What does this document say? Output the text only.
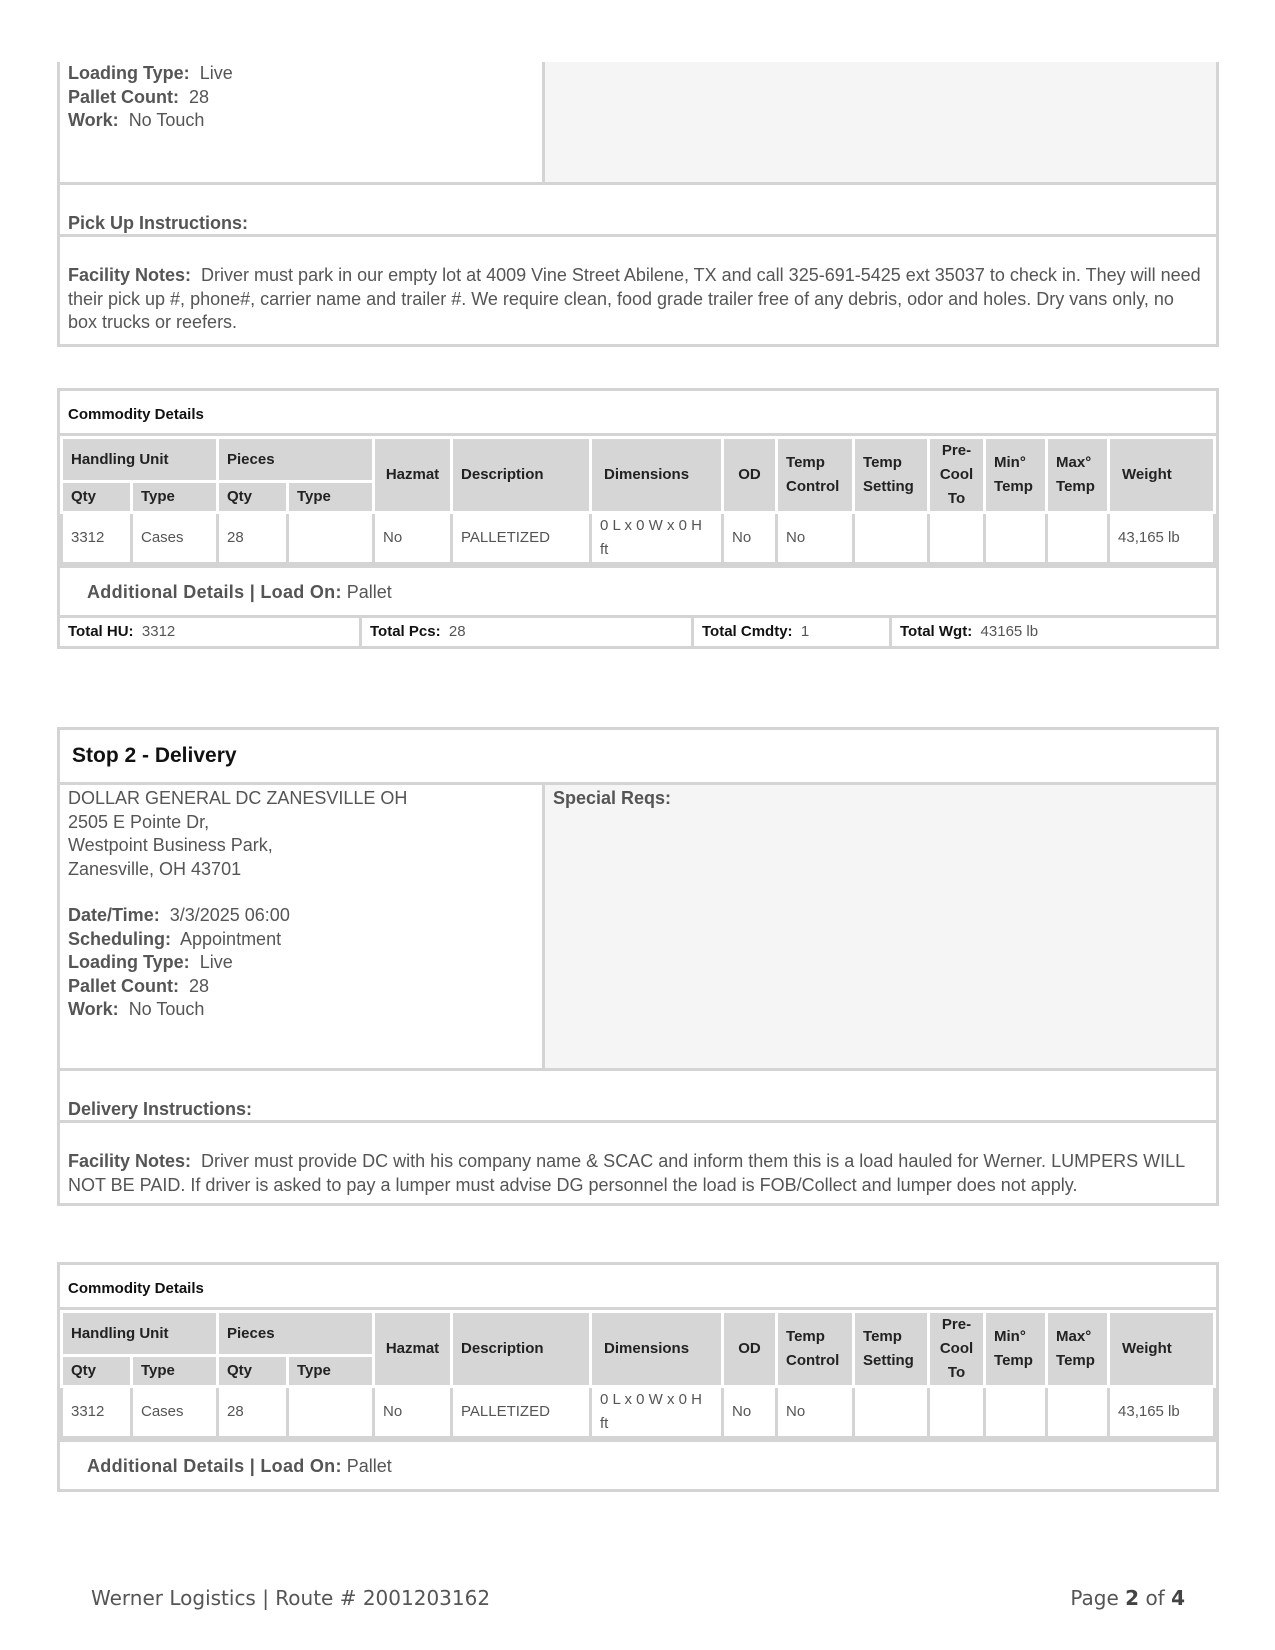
Loading Type: Live
Pallet Count: 28
Work: No Touch
Pick Up Instructions:
Facility Notes: Driver must park in our empty lot at 4009 Vine Street Abilene, TX and call 325-691-5425 ext 35037 to check in. They will need their pick up #, phone#, carrier name and trailer #. We require clean, food grade trailer free of any debris, odor and holes. Dry vans only, no box trucks or reefers.
Commodity Details
Handling Unit		Pieces		Hazmat	Description	Dimensions	OD	Temp Control	Temp Setting	Pre-Cool To	Min° Temp	Max° Temp	Weight
Qty	Type	Qty	Type										
3312	Cases	28		No	PALLETIZED	0 L x 0 W x 0 H ft	No	No					43,165 lb
Additional Details | Load On: Pallet
Total HU: 3312	Total Pcs: 28	Total Cmdty: 1	Total Wgt: 43165 lb
Stop 2 - Delivery
DOLLAR GENERAL DC ZANESVILLE OH
2505 E Pointe Dr,
Westpoint Business Park,
Zanesville, OH 43701
Date/Time: 3/3/2025 06:00
Scheduling: Appointment
Loading Type: Live
Pallet Count: 28
Work: No Touch
Special Reqs:
Delivery Instructions:
Facility Notes: Driver must provide DC with his company name & SCAC and inform them this is a load hauled for Werner. LUMPERS WILL NOT BE PAID. If driver is asked to pay a lumper must advise DG personnel the load is FOB/Collect and lumper does not apply.
Commodity Details
Handling Unit		Pieces		Hazmat	Description	Dimensions	OD	Temp Control	Temp Setting	Pre-Cool To	Min° Temp	Max° Temp	Weight
Qty	Type	Qty	Type										
3312	Cases	28		No	PALLETIZED	0 L x 0 W x 0 H ft	No	No					43,165 lb
Additional Details | Load On: Pallet
Werner Logistics | Route # 2001203162	Page 2 of 4
